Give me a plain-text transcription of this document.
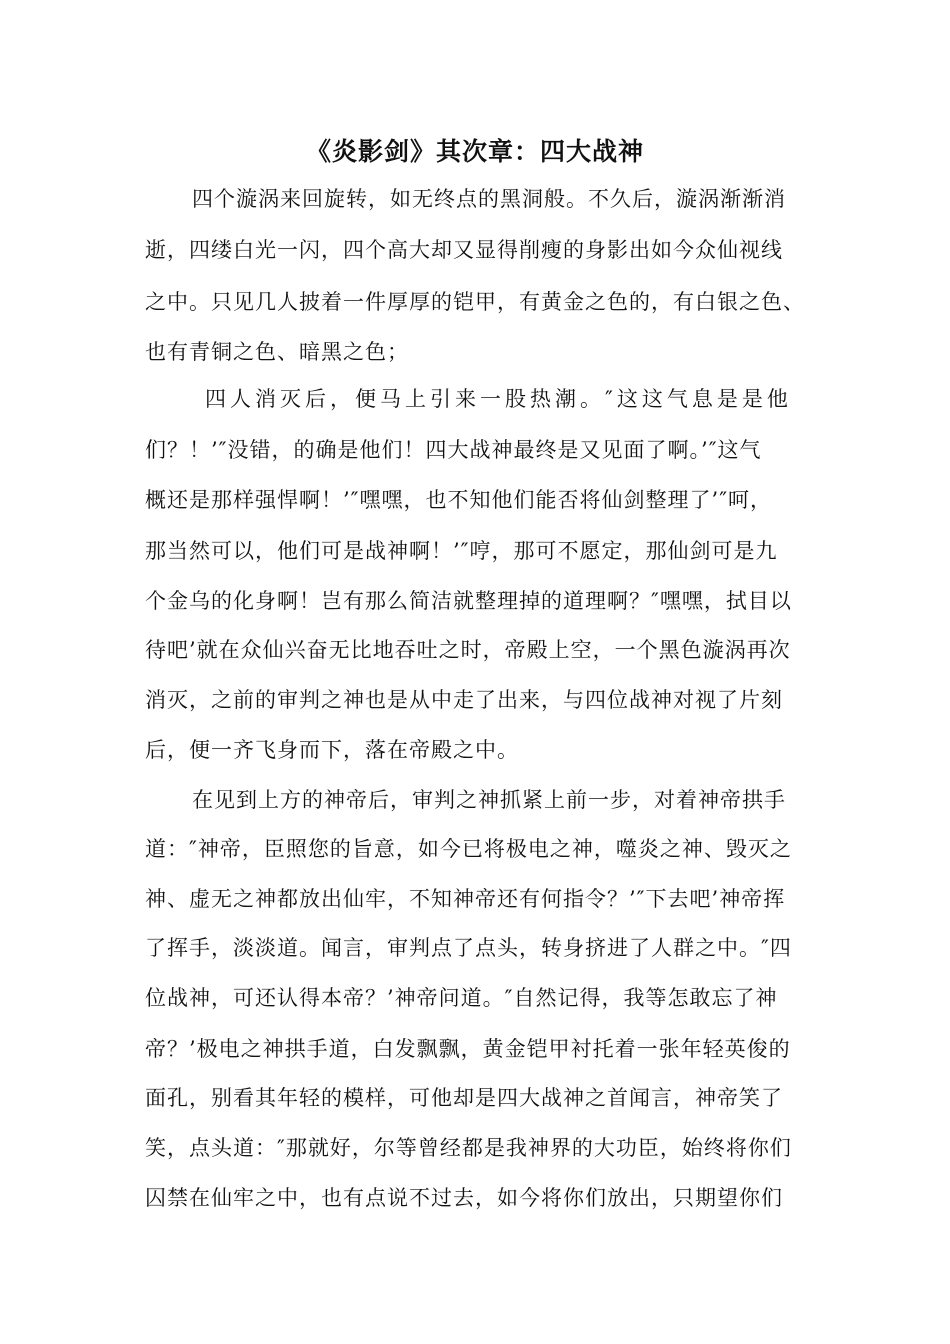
《炎影剑》其次章：四大战神
四个漩涡来回旋转，如无终点的黑洞般。不久后，漩涡渐渐消
逝，四缕白光一闪，四个高大却又显得削瘦的身影出如今众仙视线
之中。只见几人披着一件厚厚的铠甲，有黄金之色的，有白银之色、
也有青铜之色、暗黑之色；
四人消灭后，便马上引来一股热潮。″这这气息是是他
们？！’″没错，的确是他们！四大战神最终是又见面了啊。’″这气
概还是那样强悍啊！’″嘿嘿，也不知他们能否将仙剑整理了’″呵，
那当然可以，他们可是战神啊！’″哼，那可不愿定，那仙剑可是九
个金乌的化身啊！岂有那么简洁就整理掉的道理啊？″嘿嘿，拭目以
待吧’就在众仙兴奋无比地吞吐之时，帝殿上空，一个黑色漩涡再次
消灭，之前的审判之神也是从中走了出来，与四位战神对视了片刻
后，便一齐飞身而下，落在帝殿之中。
在见到上方的神帝后，审判之神抓紧上前一步，对着神帝拱手
道：″神帝，臣照您的旨意，如今已将极电之神，噬炎之神、毁灭之
神、虚无之神都放出仙牢，不知神帝还有何指令？’″下去吧’神帝挥
了挥手，淡淡道。闻言，审判点了点头，转身挤进了人群之中。″四
位战神，可还认得本帝？’神帝问道。″自然记得，我等怎敢忘了神
帝？’极电之神拱手道，白发飘飘，黄金铠甲衬托着一张年轻英俊的
面孔，别看其年轻的模样，可他却是四大战神之首闻言，神帝笑了
笑，点头道：″那就好，尔等曾经都是我神界的大功臣，始终将你们
囚禁在仙牢之中，也有点说不过去，如今将你们放出，只期望你们
